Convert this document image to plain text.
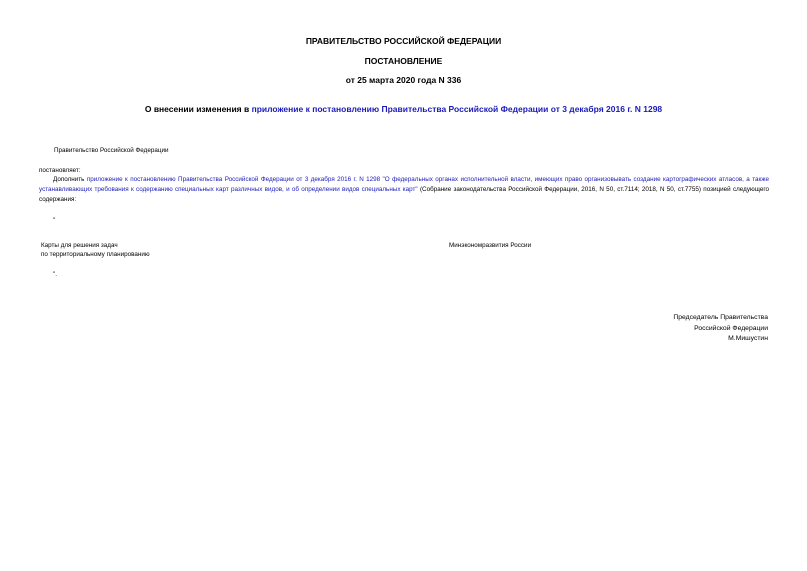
ПРАВИТЕЛЬСТВО РОССИЙСКОЙ ФЕДЕРАЦИИ
ПОСТАНОВЛЕНИЕ
от 25 марта 2020 года N 336
О внесении изменения в приложение к постановлению Правительства Российской Федерации от 3 декабря 2016 г. N 1298
Правительство Российской Федерации
постановляет:
Дополнить приложение к постановлению Правительства Российской Федерации от 3 декабря 2016 г. N 1298 "О федеральных органах исполнительной власти, имеющих право организовывать создание картографических атласов, а также устанавливающих требования к содержанию специальных карт различных видов, и об определении видов специальных карт" (Собрание законодательства Российской Федерации, 2016, N 50, ст.7114; 2018, N 50, ст.7755) позицией следующего содержания:
"
Карты для решения задач
по территориальному планированию
Минэкономразвития России
".
Председатель Правительства
Российской Федерации
М.Мишустин
